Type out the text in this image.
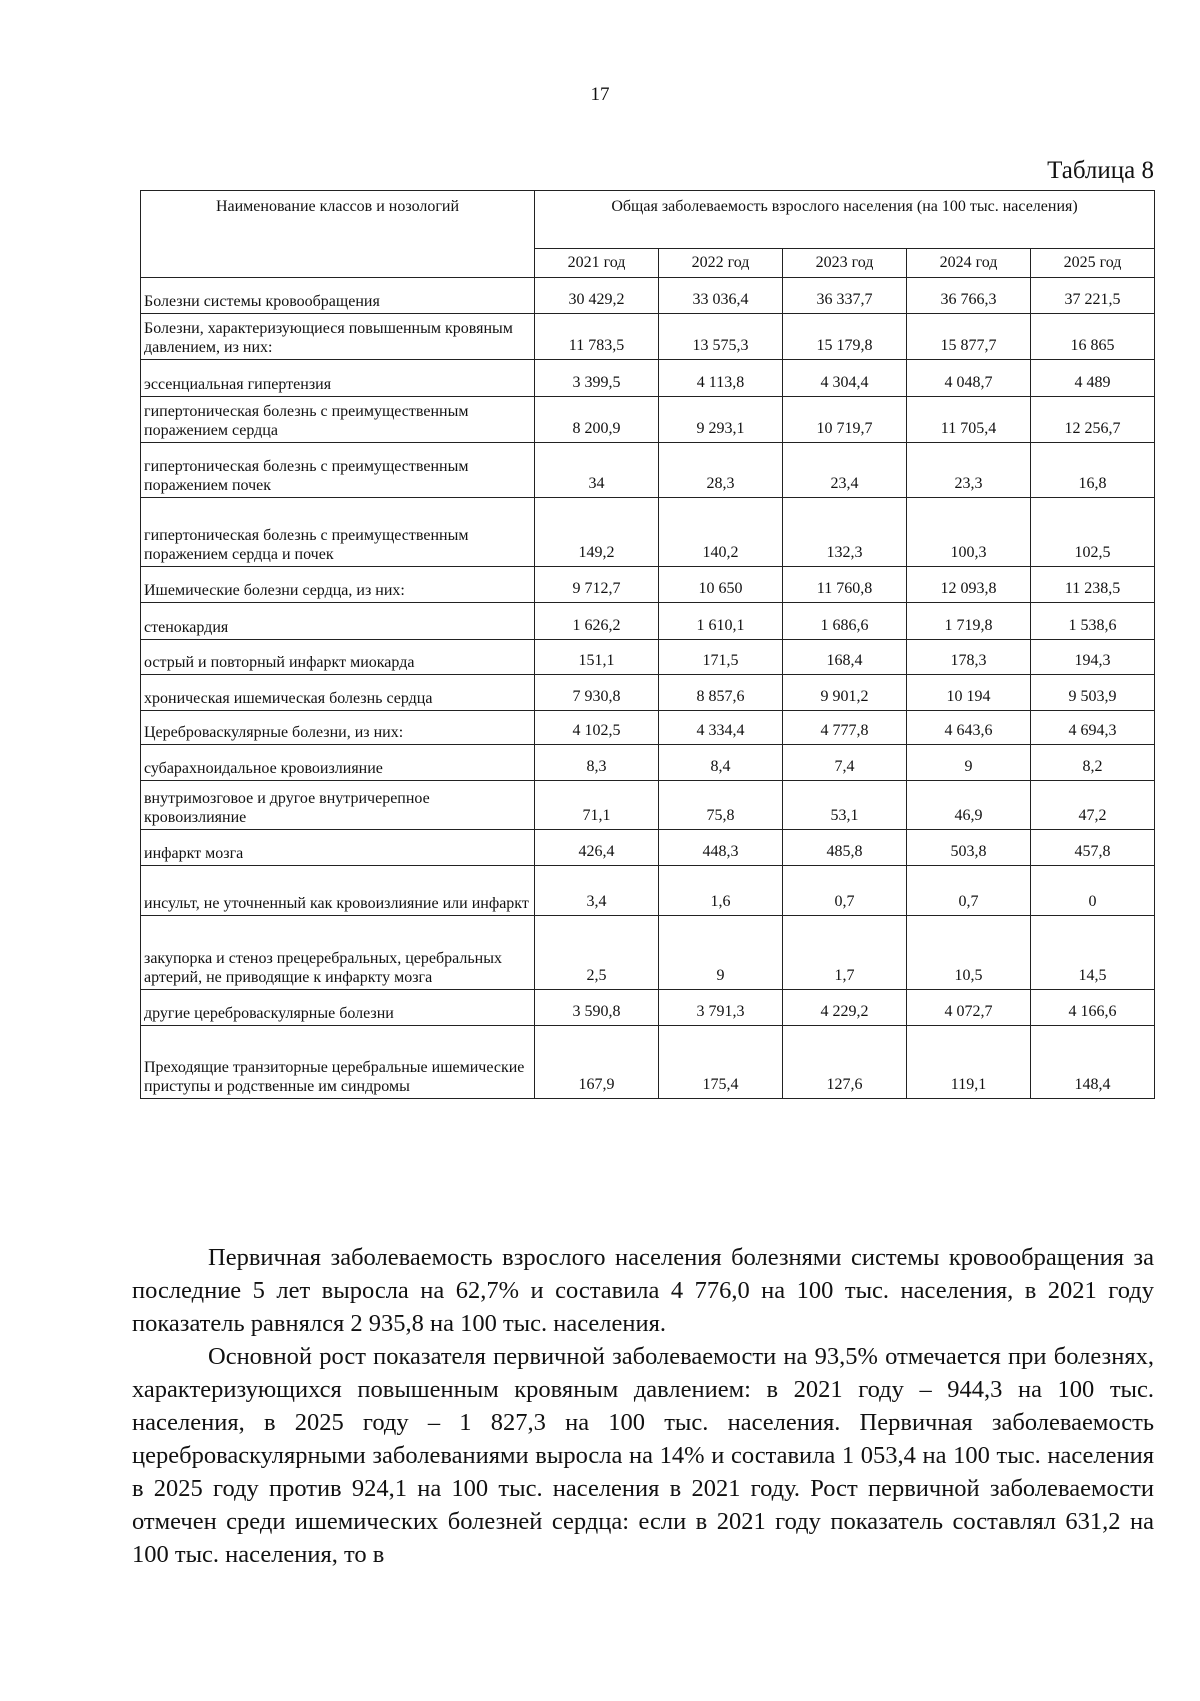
17
Таблица 8
Наименование классов и нозологий	Общая заболеваемость взрослого населения (на 100 тыс. населения)				
	2021 год	2022 год	2023 год	2024 год	2025 год
Болезни системы кровообращения	30 429,2	33 036,4	36 337,7	36 766,3	37 221,5
Болезни, характеризующиеся повышенным кровяным давлением, из них:	11 783,5	13 575,3	15 179,8	15 877,7	16 865
эссенциальная гипертензия	3 399,5	4 113,8	4 304,4	4 048,7	4 489
гипертоническая болезнь с преимущественным поражением сердца	8 200,9	9 293,1	10 719,7	11 705,4	12 256,7
гипертоническая болезнь с преимущественным поражением почек	34	28,3	23,4	23,3	16,8
гипертоническая болезнь с преимущественным поражением сердца и почек	149,2	140,2	132,3	100,3	102,5
Ишемические болезни сердца, из них:	9 712,7	10 650	11 760,8	12 093,8	11 238,5
стенокардия	1 626,2	1 610,1	1 686,6	1 719,8	1 538,6
острый и повторный инфаркт миокарда	151,1	171,5	168,4	178,3	194,3
хроническая ишемическая болезнь сердца	7 930,8	8 857,6	9 901,2	10 194	9 503,9
Цереброваскулярные болезни, из них:	4 102,5	4 334,4	4 777,8	4 643,6	4 694,3
субарахноидальное кровоизлияние	8,3	8,4	7,4	9	8,2
внутримозговое и другое внутричерепное кровоизлияние	71,1	75,8	53,1	46,9	47,2
инфаркт мозга	426,4	448,3	485,8	503,8	457,8
инсульт, не уточненный как кровоизлияние или инфаркт	3,4	1,6	0,7	0,7	0
закупорка и стеноз прецеребральных, церебральных артерий, не приводящие к инфаркту мозга	2,5	9	1,7	10,5	14,5
другие цереброваскулярные болезни	3 590,8	3 791,3	4 229,2	4 072,7	4 166,6
Преходящие транзиторные церебральные ишемические приступы и родственные им синдромы	167,9	175,4	127,6	119,1	148,4

Первичная заболеваемость взрослого населения болезнями системы кровообращения за последние 5 лет выросла на 62,7% и составила 4 776,0 на 100 тыс. населения, в 2021 году показатель равнялся 2 935,8 на 100 тыс. населения.

Основной рост показателя первичной заболеваемости на 93,5% отмечается при болезнях, характеризующихся повышенным кровяным давлением: в 2021 году – 944,3 на 100 тыс. населения, в 2025 году – 1 827,3 на 100 тыс. населения. Первичная заболеваемость цереброваскулярными заболеваниями выросла на 14% и составила 1 053,4 на 100 тыс. населения в 2025 году против 924,1 на 100 тыс. населения в 2021 году. Рост первичной заболеваемости отмечен среди ишемических болезней сердца: если в 2021 году показатель составлял 631,2 на 100 тыс. населения, то в
